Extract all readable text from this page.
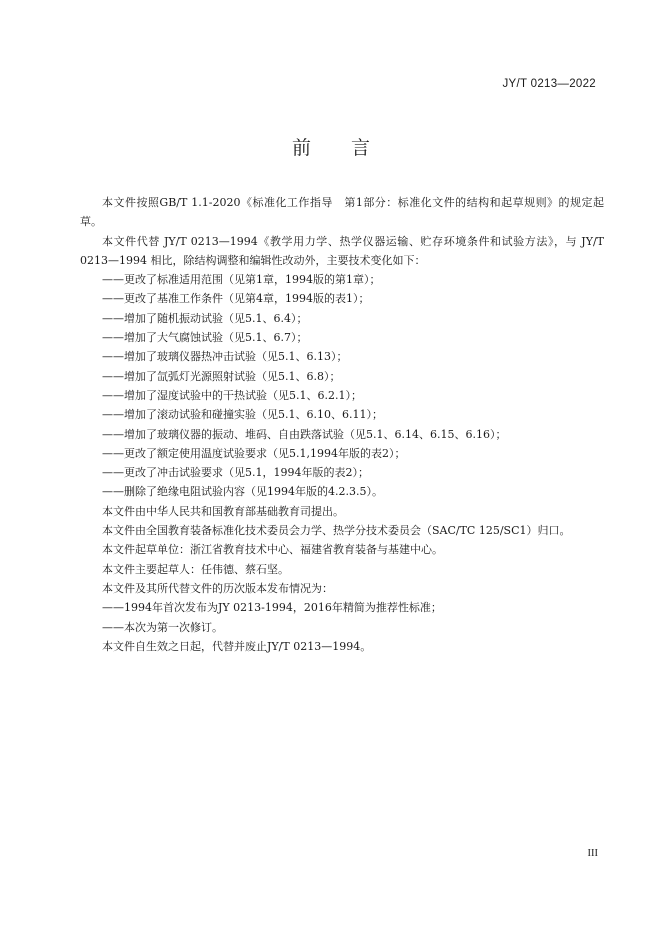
JY/T 0213—2022
前言

本文件按照GB/T 1.1-2020《标准化工作指导　第1部分：标准化文件的结构和起草规则》的规定起草。

本文件代替 JY/T 0213—1994《教学用力学、热学仪器运输、贮存环境条件和试验方法》，与 JY/T 0213—1994 相比，除结构调整和编辑性改动外，主要技术变化如下：

——更改了标准适用范围（见第1章，1994版的第1章）；

——更改了基准工作条件（见第4章，1994版的表1）；

——增加了随机振动试验（见5.1、6.4）；

——增加了大气腐蚀试验（见5.1、6.7）；

——增加了玻璃仪器热冲击试验（见5.1、6.13）；

——增加了氙弧灯光源照射试验（见5.1、6.8）；

——增加了湿度试验中的干热试验（见5.1、6.2.1）；

——增加了滚动试验和碰撞实验（见5.1、6.10、6.11）；

——增加了玻璃仪器的振动、堆码、自由跌落试验（见5.1、6.14、6.15、6.16）；

——更改了额定使用温度试验要求（见5.1,1994年版的表2）；

——更改了冲击试验要求（见5.1，1994年版的表2）；

——删除了绝缘电阻试验内容（见1994年版的4.2.3.5）。

本文件由中华人民共和国教育部基础教育司提出。

本文件由全国教育装备标准化技术委员会力学、热学分技术委员会（SAC/TC 125/SC1）归口。

本文件起草单位：浙江省教育技术中心、福建省教育装备与基建中心。

本文件主要起草人：任伟德、蔡石坚。

本文件及其所代替文件的历次版本发布情况为：

——1994年首次发布为JY 0213-1994，2016年精简为推荐性标准；

——本次为第一次修订。

本文件自生效之日起，代替并废止JY/T 0213—1994。

III
